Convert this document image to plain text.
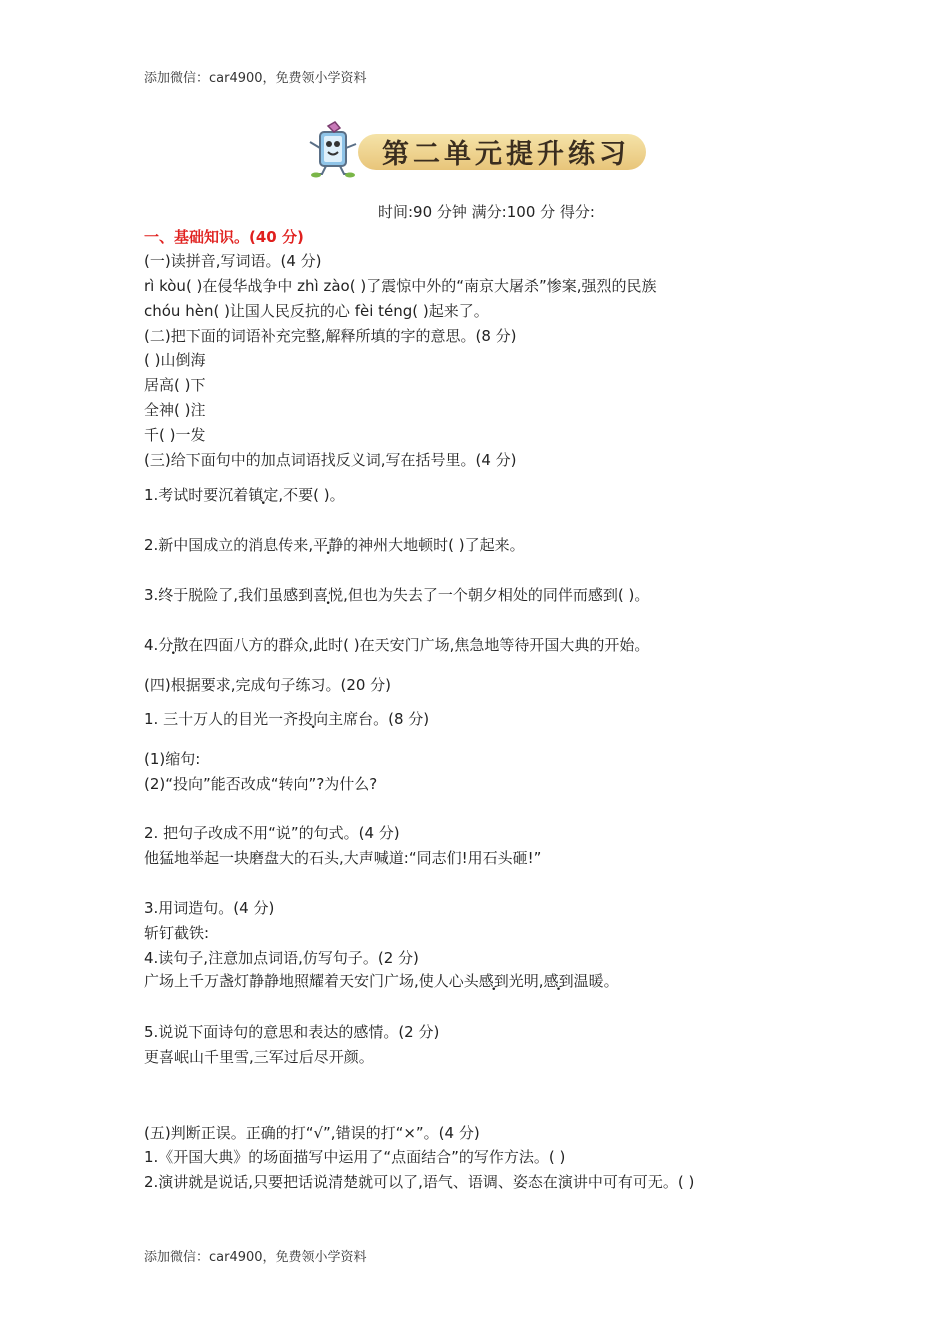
添加微信：car4900，免费领小学资料
第二单元提升练习
时间:90 分钟 满分:100 分 得分:
一、基础知识。(40 分)
(一)读拼音,写词语。(4 分)
rì kòu( )在侵华战争中 zhì zào( )了震惊中外的“南京大屠杀”惨案,强烈的民族
chóu hèn( )让国人民反抗的心 fèi téng( )起来了。
(二)把下面的词语补充完整,解释所填的字的意思。(8 分)
( )山倒海
居高( )下
全神( )注
千( )一发
(三)给下面句中的加点词语找反义词,写在括号里。(4 分)
1.考试时要沉着镇定,不要( )。
2.新中国成立的消息传来,平静的神州大地顿时( )了起来。
3.终于脱险了,我们虽感到喜悦,但也为失去了一个朝夕相处的同伴而感到( )。
4.分散在四面八方的群众,此时( )在天安门广场,焦急地等待开国大典的开始。
(四)根据要求,完成句子练习。(20 分)
1. 三十万人的目光一齐投向主席台。(8 分)
(1)缩句:
(2)“投向”能否改成“转向”?为什么?
2. 把句子改成不用“说”的句式。(4 分)
他猛地举起一块磨盘大的石头,大声喊道:“同志们!用石头砸!”
3.用词造句。(4 分)
斩钉截铁:
4.读句子,注意加点词语,仿写句子。(2 分)
广场上千万盏灯静静地照耀着天安门广场,使人心头感到光明,感到温暖。
5.说说下面诗句的意思和表达的感情。(2 分)
更喜岷山千里雪,三军过后尽开颜。
(五)判断正误。正确的打“√”,错误的打“×”。(4 分)
1.《开国大典》的场面描写中运用了“点面结合”的写作方法。( )
2.演讲就是说话,只要把话说清楚就可以了,语气、语调、姿态在演讲中可有可无。( )
添加微信：car4900，免费领小学资料
